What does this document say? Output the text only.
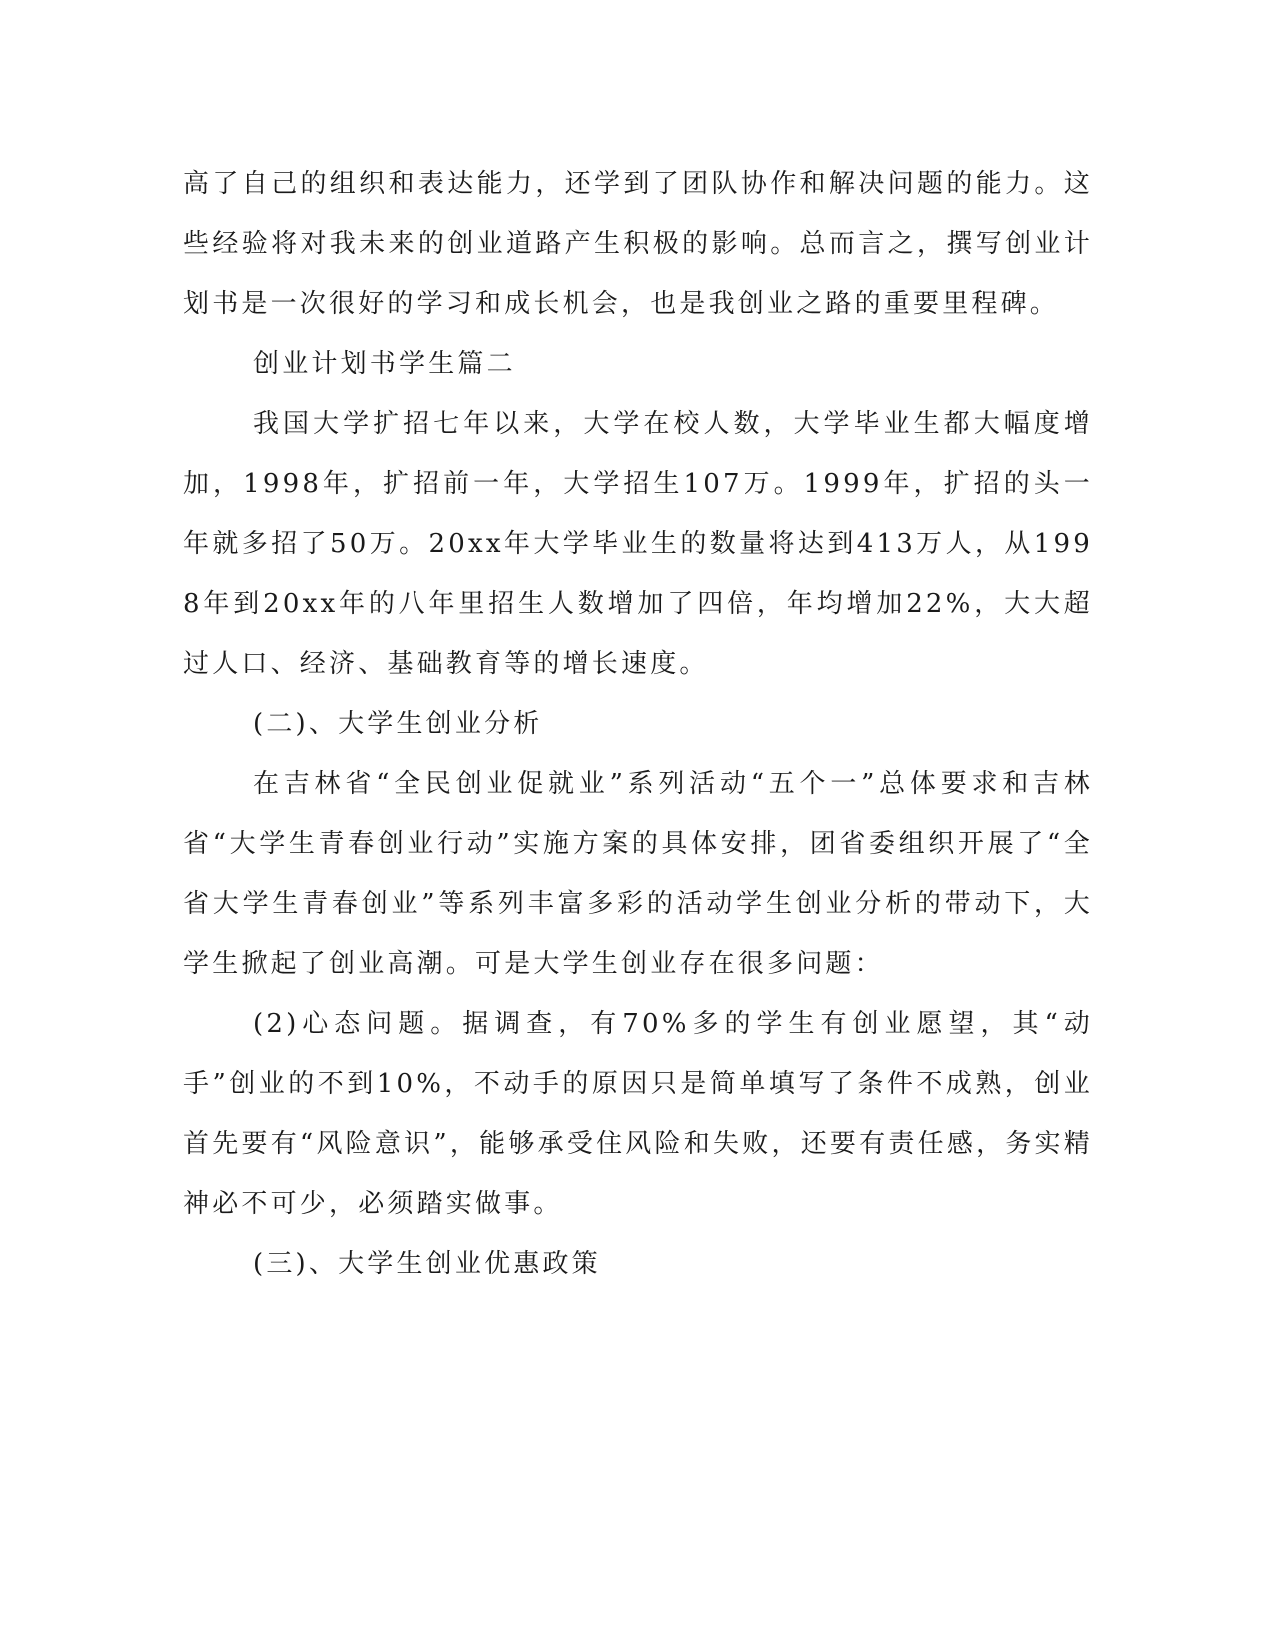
高了自己的组织和表达能力，还学到了团队协作和解决问题的能力。这些经验将对我未来的创业道路产生积极的影响。总而言之，撰写创业计划书是一次很好的学习和成长机会，也是我创业之路的重要里程碑。

创业计划书学生篇二

我国大学扩招七年以来，大学在校人数，大学毕业生都大幅度增加，1998年，扩招前一年，大学招生107万。1999年，扩招的头一年就多招了50万。20xx年大学毕业生的数量将达到413万人，从1998年到20xx年的八年里招生人数增加了四倍，年均增加22%，大大超过人口、经济、基础教育等的增长速度。

(二)、大学生创业分析

在吉林省“全民创业促就业”系列活动“五个一”总体要求和吉林省“大学生青春创业行动”实施方案的具体安排，团省委组织开展了“全省大学生青春创业”等系列丰富多彩的活动学生创业分析的带动下，大学生掀起了创业高潮。可是大学生创业存在很多问题：

(2)心态问题。据调查，有70%多的学生有创业愿望，其“动手”创业的不到10%，不动手的原因只是简单填写了条件不成熟，创业首先要有“风险意识”，能够承受住风险和失败，还要有责任感，务实精神必不可少，必须踏实做事。

(三)、大学生创业优惠政策
